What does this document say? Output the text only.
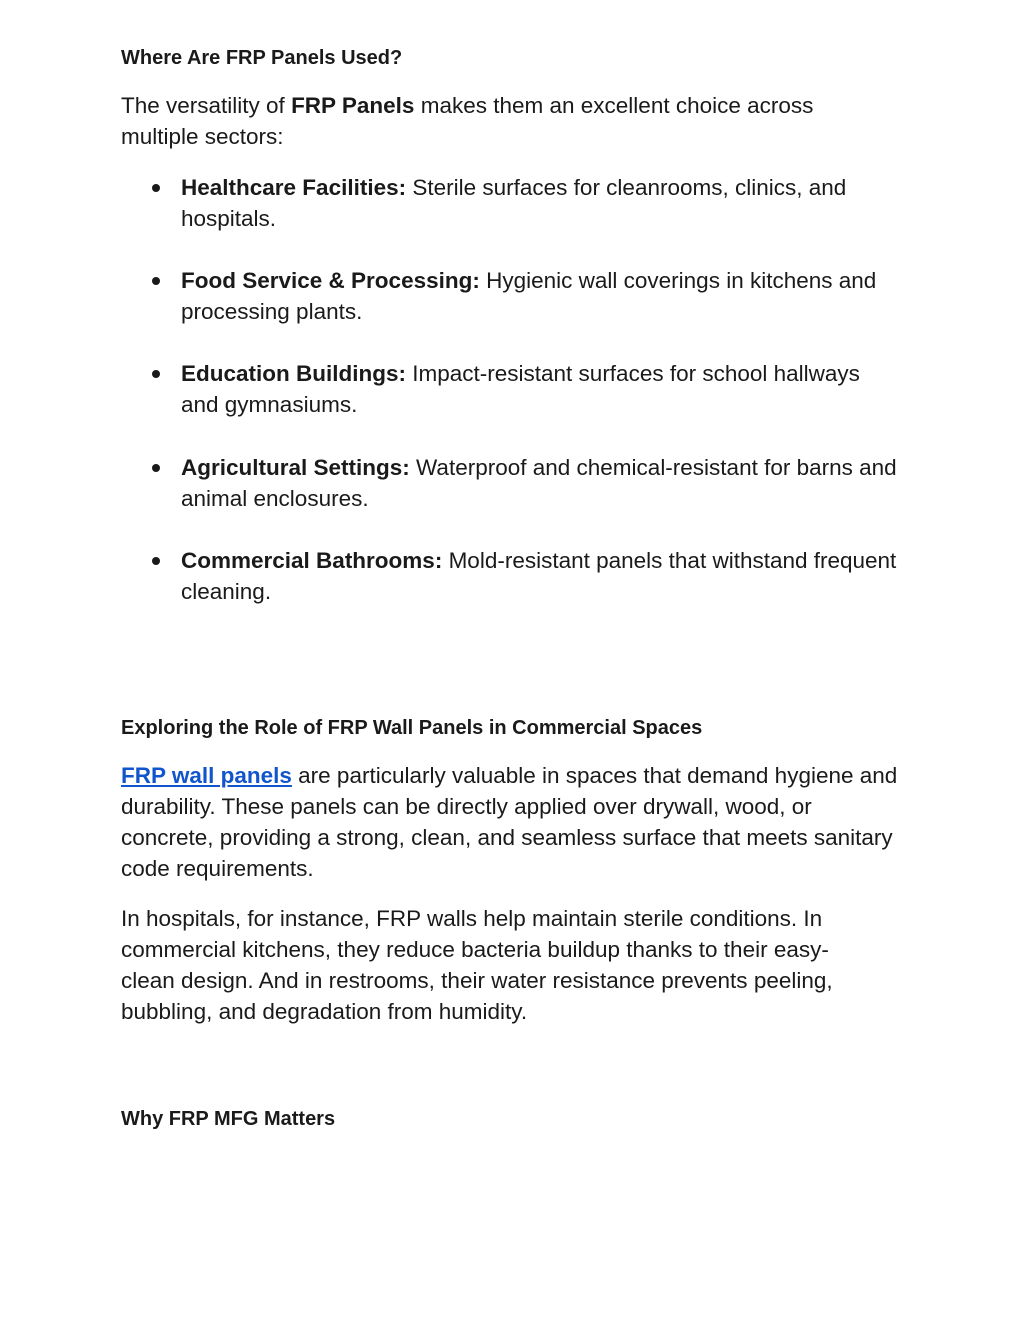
Where Are FRP Panels Used?

The versatility of FRP Panels makes them an excellent choice across multiple sectors:

Healthcare Facilities: Sterile surfaces for cleanrooms, clinics, and hospitals.
Food Service & Processing: Hygienic wall coverings in kitchens and processing plants.
Education Buildings: Impact-resistant surfaces for school hallways and gymnasiums.
Agricultural Settings: Waterproof and chemical-resistant for barns and animal enclosures.
Commercial Bathrooms: Mold-resistant panels that withstand frequent cleaning.
Exploring the Role of FRP Wall Panels in Commercial Spaces

FRP wall panels are particularly valuable in spaces that demand hygiene and durability. These panels can be directly applied over drywall, wood, or concrete, providing a strong, clean, and seamless surface that meets sanitary code requirements.

In hospitals, for instance, FRP walls help maintain sterile conditions. In commercial kitchens, they reduce bacteria buildup thanks to their easy-clean design. And in restrooms, their water resistance prevents peeling, bubbling, and degradation from humidity.

Why FRP MFG Matters
